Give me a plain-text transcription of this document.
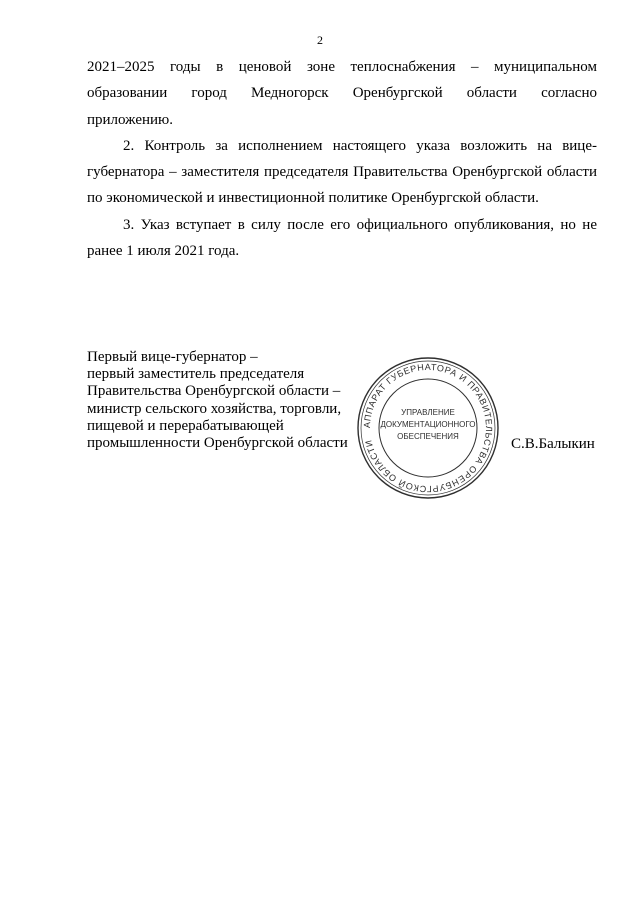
2

2021–2025 годы в ценовой зоне теплоснабжения – муниципальном образовании город Медногорск Оренбургской области согласно

приложению.

2. Контроль за исполнением настоящего указа возложить на вице-губернатора – заместителя председателя Правительства Оренбургской области по экономической и инвестиционной политике Оренбургской области.

3. Указ вступает в силу после его официального опубликования, но не ранее 1 июля 2021 года.

Первый вице-губернатор –
первый заместитель председателя
Правительства Оренбургской области –
министр сельского хозяйства, торговли,
пищевой и перерабатывающей
промышленности Оренбургской области	С.В.Балыкин
АППАРАТ ГУБЕРНАТОРА И ПРАВИТЕЛЬСТВА ОРЕНБУРГСКОЙ ОБЛАСТИ
УПРАВЛЕНИЕ
ДОКУМЕНТАЦИОННОГО
ОБЕСПЕЧЕНИЯ
